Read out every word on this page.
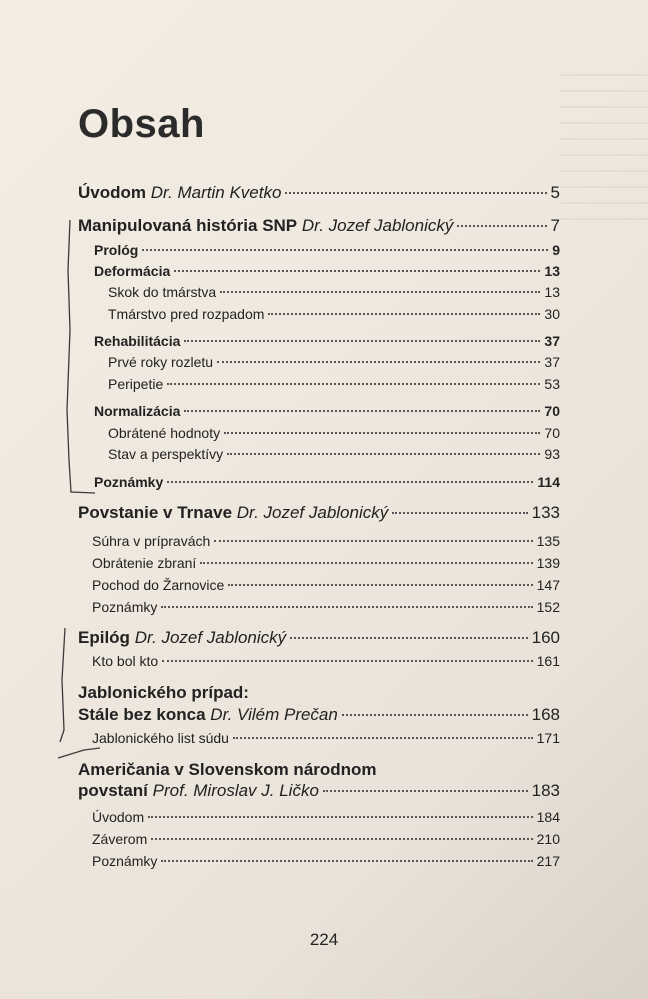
Obsah
Úvodom Dr. Martin Kvetko	5
Manipulovaná história SNP Dr. Jozef Jablonický	7
Prológ	9
Deformácia	13
Skok do tmárstva	13
Tmárstvo pred rozpadom	30
Rehabilitácia	37
Prvé roky rozletu	37
Peripetie	53
Normalizácia	70
Obrátené hodnoty	70
Stav a perspektívy	93
Poznámky	114
Povstanie v Trnave Dr. Jozef Jablonický	133
Súhra v prípravách	135
Obrátenie zbraní	139
Pochod do Žarnovice	147
Poznámky	152
Epilóg Dr. Jozef Jablonický	160
Kto bol kto	161
Jablonického prípad:
Stále bez konca Dr. Vilém Prečan	168
Jablonického list súdu	171
Američania v Slovenskom národnom
povstaní Prof. Miroslav J. Ličko	183
Úvodom	184
Záverom	210
Poznámky	217
224
